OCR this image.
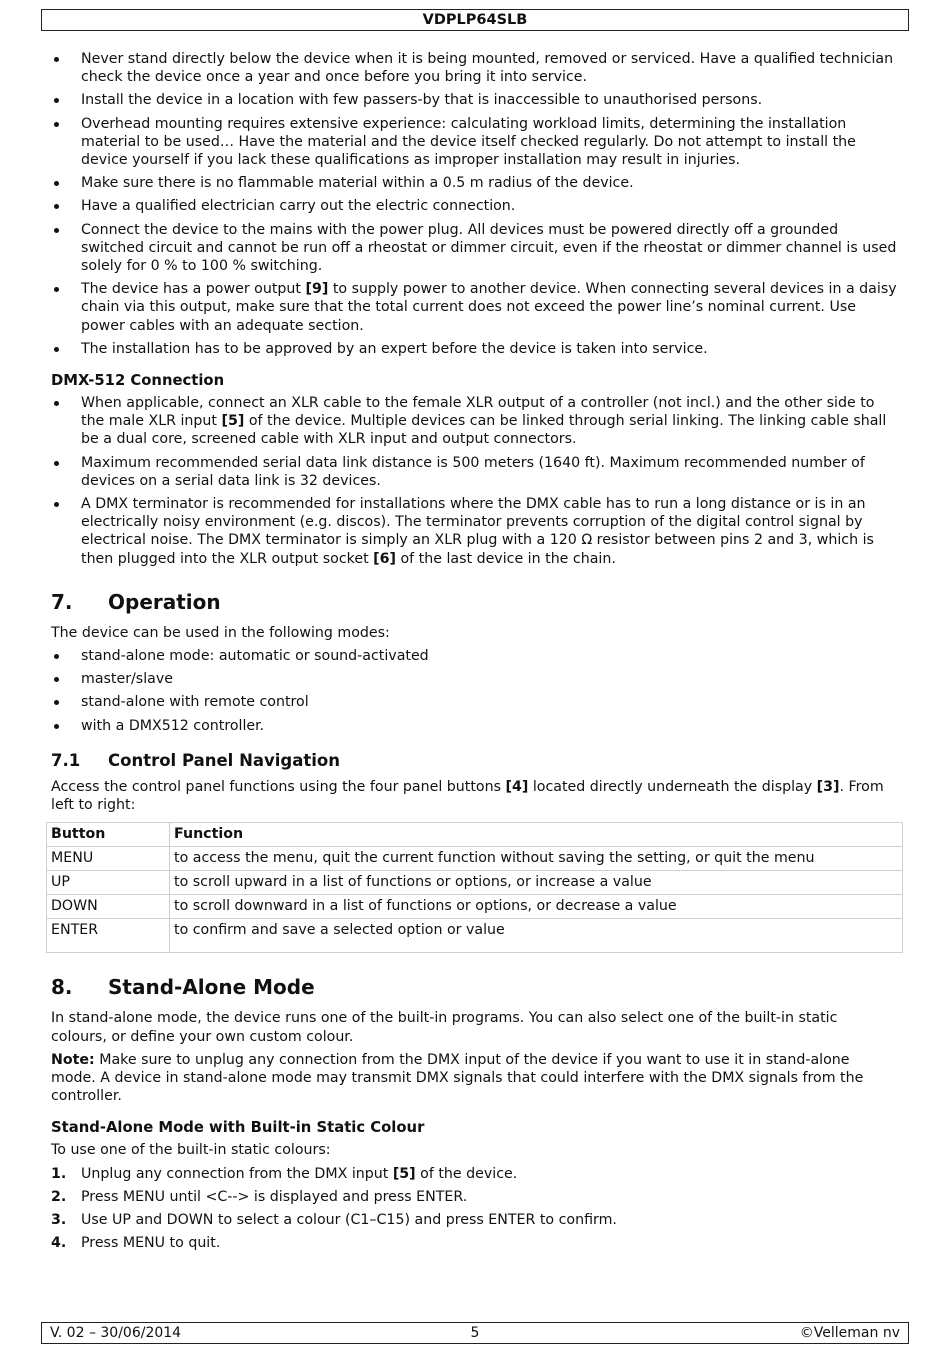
VDPLP64SLB
Never stand directly below the device when it is being mounted, removed or serviced. Have a qualified technician check the device once a year and once before you bring it into service.
Install the device in a location with few passers-by that is inaccessible to unauthorised persons.
Overhead mounting requires extensive experience: calculating workload limits, determining the installation material to be used… Have the material and the device itself checked regularly. Do not attempt to install the device yourself if you lack these qualifications as improper installation may result in injuries.
Make sure there is no flammable material within a 0.5 m radius of the device.
Have a qualified electrician carry out the electric connection.
Connect the device to the mains with the power plug. All devices must be powered directly off a grounded switched circuit and cannot be run off a rheostat or dimmer circuit, even if the rheostat or dimmer channel is used solely for 0 % to 100 % switching.
The device has a power output [9] to supply power to another device. When connecting several devices in a daisy chain via this output, make sure that the total current does not exceed the power line’s nominal current. Use power cables with an adequate section.
The installation has to be approved by an expert before the device is taken into service.
DMX-512 Connection
When applicable, connect an XLR cable to the female XLR output of a controller (not incl.) and the other side to the male XLR input [5] of the device. Multiple devices can be linked through serial linking. The linking cable shall be a dual core, screened cable with XLR input and output connectors.
Maximum recommended serial data link distance is 500 meters (1640 ft). Maximum recommended number of devices on a serial data link is 32 devices.
A DMX terminator is recommended for installations where the DMX cable has to run a long distance or is in an electrically noisy environment (e.g. discos). The terminator prevents corruption of the digital control signal by electrical noise. The DMX terminator is simply an XLR plug with a 120 Ω resistor between pins 2 and 3, which is then plugged into the XLR output socket [6] of the last device in the chain.
7.	Operation

The device can be used in the following modes:

stand-alone mode: automatic or sound-activated
master/slave
stand-alone with remote control
with a DMX512 controller.
7.1	Control Panel Navigation

Access the control panel functions using the four panel buttons [4] located directly underneath the display [3]. From left to right:

Button	Function
MENU	to access the menu, quit the current function without saving the setting, or quit the menu
UP	to scroll upward in a list of functions or options, or increase a value
DOWN	to scroll downward in a list of functions or options, or decrease a value
ENTER	to confirm and save a selected option or value
8.	Stand-Alone Mode

In stand-alone mode, the device runs one of the built-in programs. You can also select one of the built-in static colours, or define your own custom colour.

Note: Make sure to unplug any connection from the DMX input of the device if you want to use it in stand-alone mode. A device in stand-alone mode may transmit DMX signals that could interfere with the DMX signals from the controller.

Stand-Alone Mode with Built-in Static Colour

To use one of the built-in static colours:

1. Unplug any connection from the DMX input [5] of the device.
2. Press MENU until <C--> is displayed and press ENTER.
3. Use UP and DOWN to select a colour (C1–C15) and press ENTER to confirm.
4. Press MENU to quit.
V. 02 – 30/06/2014	5	©Velleman nv
